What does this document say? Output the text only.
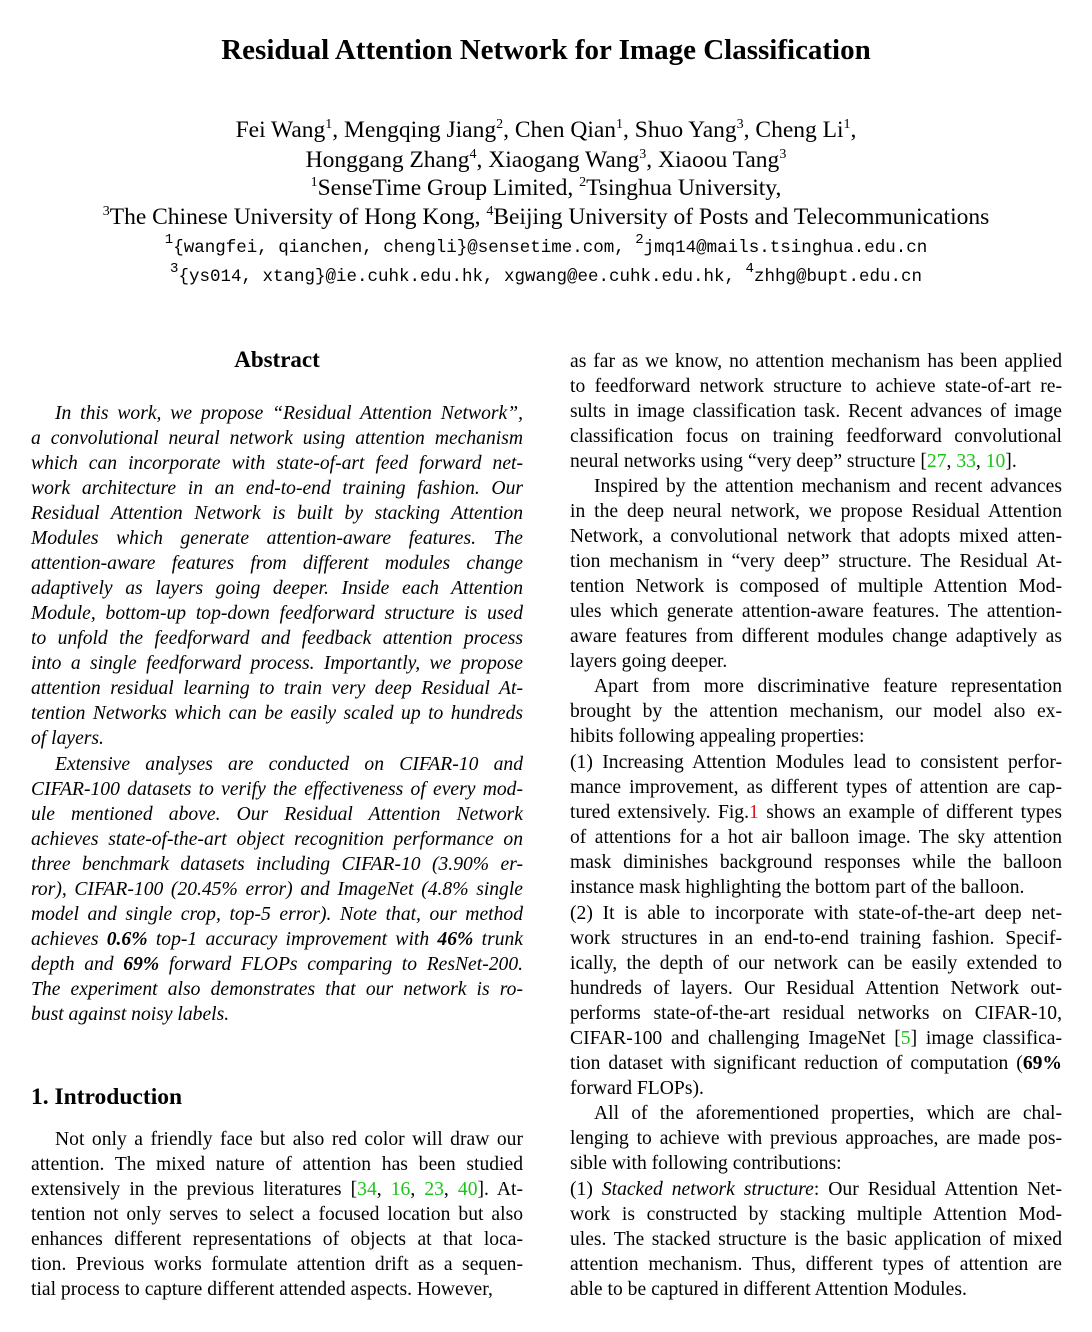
Residual Attention Network for Image Classification
Fei Wang$^1$, Mengqing Jiang$^2$, Chen Qian$^1$, Shuo Yang$^3$, Cheng Li$^1$,
Honggang Zhang$^4$, Xiaogang Wang$^3$, Xiaoou Tang$^3$
$^1$SenseTime Group Limited, $^2$Tsinghua University,
$^3$The Chinese University of Hong Kong, $^4$Beijing University of Posts and Telecommunications
$^1${wangfei, qianchen, chengli}@sensetime.com, $^2$jmq14@mails.tsinghua.edu.cn
$^3${ys014, xtang}@ie.cuhk.edu.hk, xgwang@ee.cuhk.edu.hk, $^4$zhhg@bupt.edu.cn
Abstract
In this work, we propose “Residual Attention Network”,
a convolutional neural network using attention mechanism
which can incorporate with state-of-art feed forward net-
work architecture in an end-to-end training fashion. Our
Residual Attention Network is built by stacking Attention
Modules which generate attention-aware features. The
attention-aware features from different modules change
adaptively as layers going deeper. Inside each Attention
Module, bottom-up top-down feedforward structure is used
to unfold the feedforward and feedback attention process
into a single feedforward process. Importantly, we propose
attention residual learning to train very deep Residual At-
tention Networks which can be easily scaled up to hundreds
of layers.
Extensive analyses are conducted on CIFAR-10 and
CIFAR-100 datasets to verify the effectiveness of every mod-
ule mentioned above. Our Residual Attention Network
achieves state-of-the-art object recognition performance on
three benchmark datasets including CIFAR-10 (3.90% er-
ror), CIFAR-100 (20.45% error) and ImageNet (4.8% single
model and single crop, top-5 error). Note that, our method
achieves 0.6% top-1 accuracy improvement with 46% trunk
depth and 69% forward FLOPs comparing to ResNet-200.
The experiment also demonstrates that our network is ro-
bust against noisy labels.
1. Introduction
Not only a friendly face but also red color will draw our
attention. The mixed nature of attention has been studied
extensively in the previous literatures [34, 16, 23, 40]. At-
tention not only serves to select a focused location but also
enhances different representations of objects at that loca-
tion. Previous works formulate attention drift as a sequen-
tial process to capture different attended aspects. However,
as far as we know, no attention mechanism has been applied
to feedforward network structure to achieve state-of-art re-
sults in image classification task. Recent advances of image
classification focus on training feedforward convolutional
neural networks using “very deep” structure [27, 33, 10].
Inspired by the attention mechanism and recent advances
in the deep neural network, we propose Residual Attention
Network, a convolutional network that adopts mixed atten-
tion mechanism in “very deep” structure. The Residual At-
tention Network is composed of multiple Attention Mod-
ules which generate attention-aware features. The attention-
aware features from different modules change adaptively as
layers going deeper.
Apart from more discriminative feature representation
brought by the attention mechanism, our model also ex-
hibits following appealing properties:
(1) Increasing Attention Modules lead to consistent perfor-
mance improvement, as different types of attention are cap-
tured extensively. Fig.1 shows an example of different types
of attentions for a hot air balloon image. The sky attention
mask diminishes background responses while the balloon
instance mask highlighting the bottom part of the balloon.
(2) It is able to incorporate with state-of-the-art deep net-
work structures in an end-to-end training fashion. Specif-
ically, the depth of our network can be easily extended to
hundreds of layers. Our Residual Attention Network out-
performs state-of-the-art residual networks on CIFAR-10,
CIFAR-100 and challenging ImageNet [5] image classifica-
tion dataset with significant reduction of computation (69%
forward FLOPs).
All of the aforementioned properties, which are chal-
lenging to achieve with previous approaches, are made pos-
sible with following contributions:
(1) Stacked network structure: Our Residual Attention Net-
work is constructed by stacking multiple Attention Mod-
ules. The stacked structure is the basic application of mixed
attention mechanism. Thus, different types of attention are
able to be captured in different Attention Modules.
